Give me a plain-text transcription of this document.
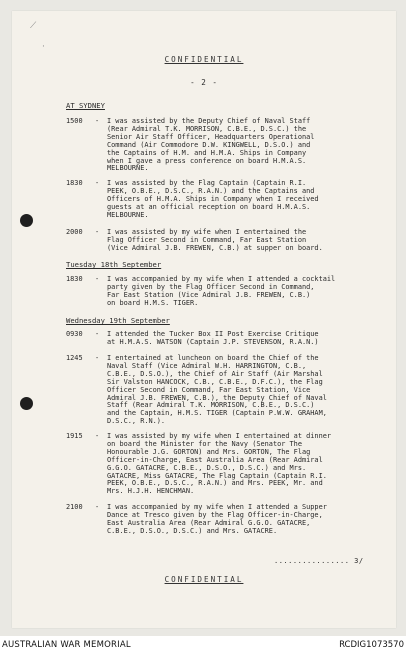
⟋
·
CONFIDENTIAL
- 2 -
AT SYDNEY
1500	- I was assisted by the Deputy Chief of Naval Staff
(Rear Admiral T.K. MORRISON, C.B.E., D.S.C.) the
Senior Air Staff Officer, Headquarters Operational
Command (Air Commodore D.W. KINGWELL, D.S.O.) and
the Captains of H.M. and H.M.A. Ships in Company
when I gave a press conference on board H.M.A.S.
MELBOURNE.
1830	- I was assisted by the Flag Captain (Captain R.I.
PEEK, O.B.E., D.S.C., R.A.N.) and the Captains and
Officers of H.M.A. Ships in Company when I received
guests at an official reception on board H.M.A.S.
MELBOURNE.
2000	- I was assisted by my wife when I entertained the
Flag Officer Second in Command, Far East Station
(Vice Admiral J.B. FREWEN, C.B.) at supper on board.
Tuesday 18th September
1830	- I was accompanied by my wife when I attended a cocktail
party given by the Flag Officer Second in Command,
Far East Station (Vice Admiral J.B. FREWEN, C.B.)
on board H.M.S. TIGER.
Wednesday 19th September
0930	- I attended the Tucker Box II Post Exercise Critique
at H.M.A.S. WATSON (Captain J.P. STEVENSON, R.A.N.)
1245	- I entertained at luncheon on board the Chief of the
Naval Staff (Vice Admiral W.H. HARRINGTON, C.B.,
C.B.E., D.S.O.), the Chief of Air Staff (Air Marshal
Sir Valston HANCOCK, C.B., C.B.E., D.F.C.), the Flag
Officer Second in Command, Far East Station, Vice
Admiral J.B. FREWEN, C.B.), the Deputy Chief of Naval
Staff (Rear Admiral T.K. MORRISON, C.B.E., D.S.C.)
and the Captain, H.M.S. TIGER (Captain P.W.W. GRAHAM,
D.S.C., R.N.).
1915	- I was assisted by my wife when I entertained at dinner
on board the Minister for the Navy (Senator The
Honourable J.G. GORTON) and Mrs. GORTON, The Flag
Officer-in-Charge, East Australia Area (Rear Admiral
G.G.O. GATACRE, C.B.E., D.S.O., D.S.C.) and Mrs.
GATACRE, Miss GATACRE, The Flag Captain (Captain R.I.
PEEK, O.B.E., D.S.C., R.A.N.) and Mrs. PEEK, Mr. and
Mrs. H.J.H. HENCHMAN.
2100	- I was accompanied by my wife when I attended a Supper
Dance at Tresco given by the Flag Officer-in-Charge,
East Australia Area (Rear Admiral G.G.O. GATACRE,
C.B.E., D.S.O., D.S.C.) and Mrs. GATACRE.
................ 3/
CONFIDENTIAL
AUSTRALIAN WAR MEMORIAL	RCDIG1073570
